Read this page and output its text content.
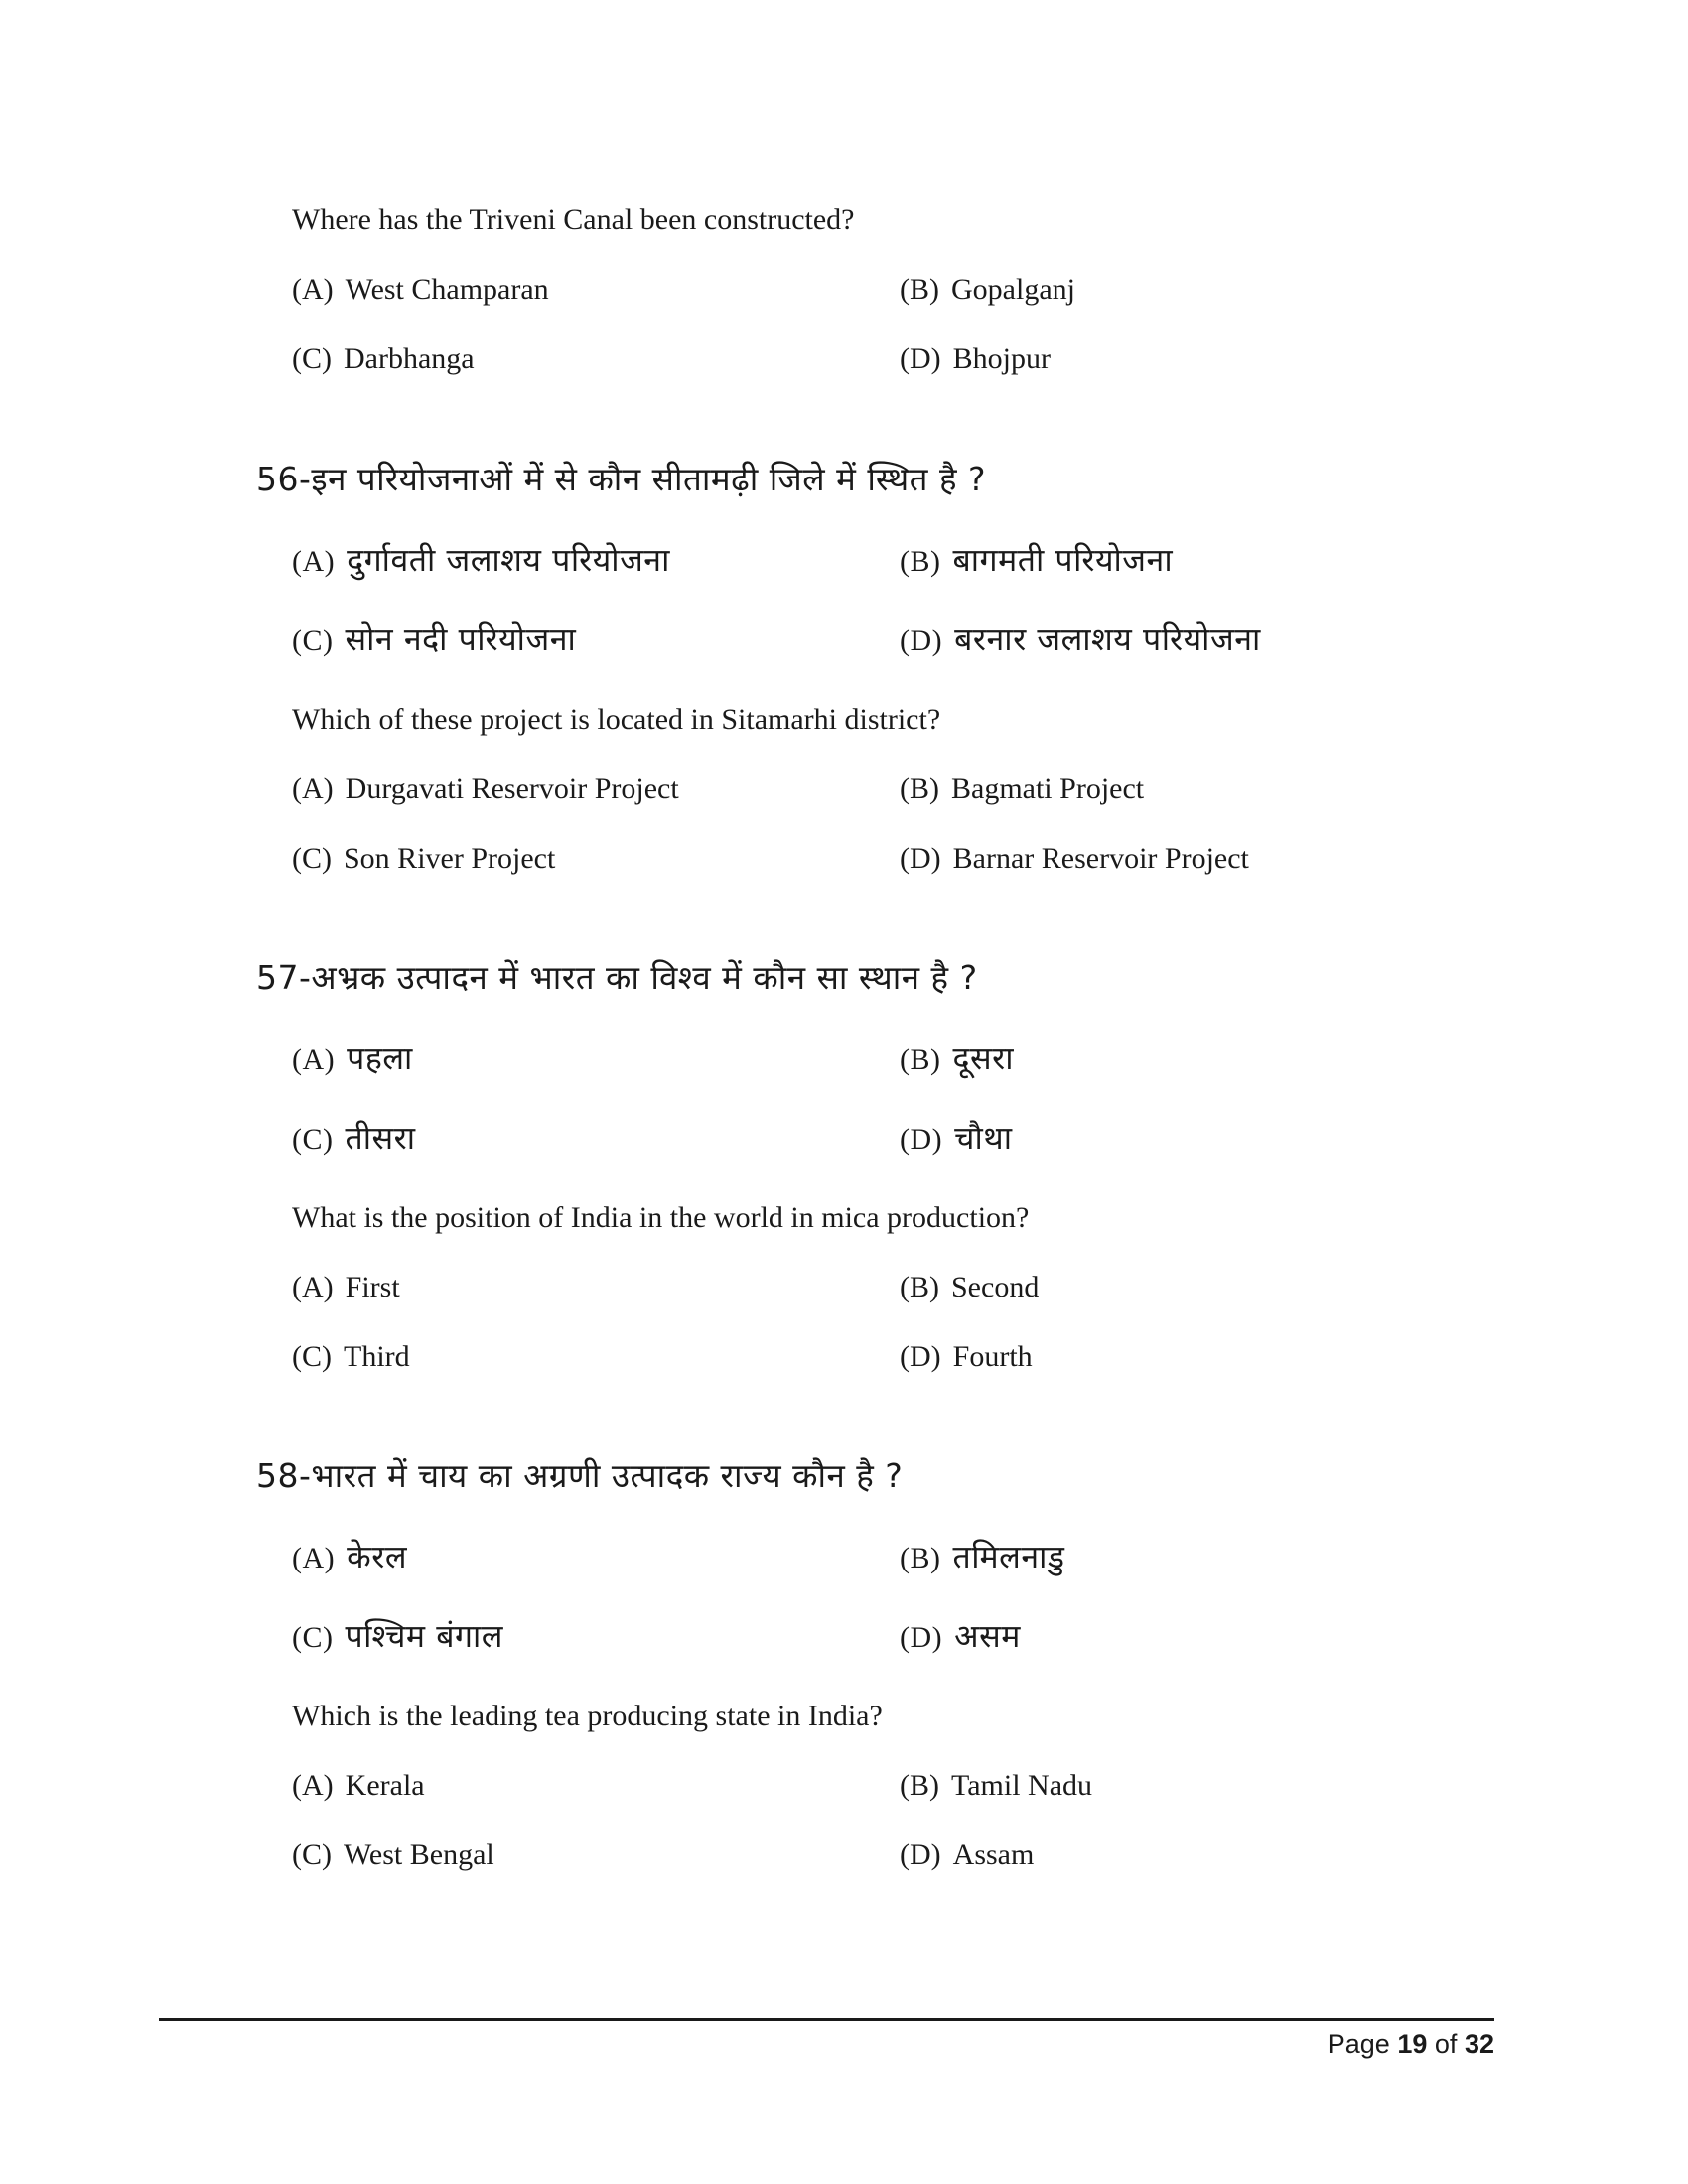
Where has the Triveni Canal been constructed?
(A) West Champaran	(B) Gopalganj
(C) Darbhanga	(D) Bhojpur
56-इन परियोजनाओं में से कौन सीतामढ़ी जिले में स्थित है ?
(A) दुर्गावती जलाशय परियोजना	(B) बागमती परियोजना
(C) सोन नदी परियोजना	(D) बरनार जलाशय परियोजना
Which of these project is located in Sitamarhi district?
(A) Durgavati Reservoir Project	(B) Bagmati Project
(C) Son River Project	(D) Barnar Reservoir Project
57-अभ्रक उत्पादन में भारत का विश्व में कौन सा स्थान है ?
(A) पहला	(B) दूसरा
(C) तीसरा	(D) चौथा
What is the position of India in the world in mica production?
(A) First	(B) Second
(C) Third	(D) Fourth
58-भारत में चाय का अग्रणी उत्पादक राज्य कौन है ?
(A) केरल	(B) तमिलनाडु
(C) पश्चिम बंगाल	(D) असम
Which is the leading tea producing state in India?
(A) Kerala	(B) Tamil Nadu
(C) West Bengal	(D) Assam
Page 19 of 32
